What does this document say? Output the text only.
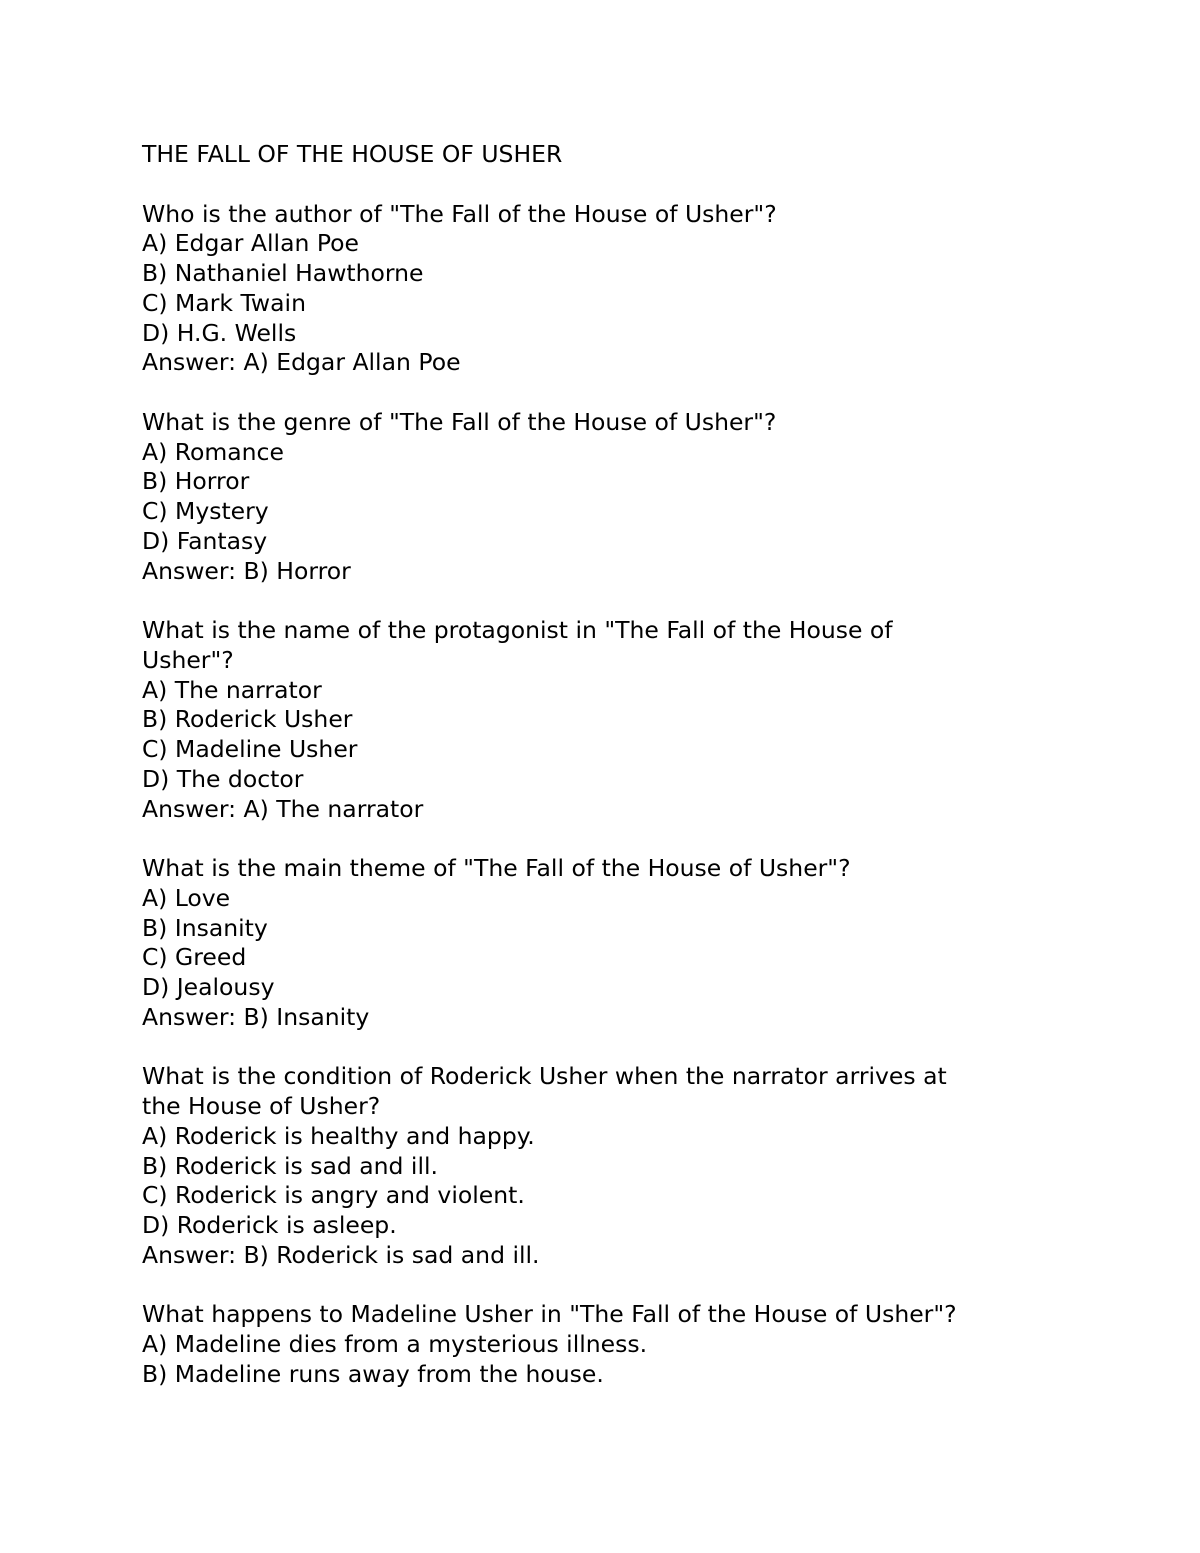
THE FALL OF THE HOUSE OF USHER
Who is the author of "The Fall of the House of Usher"?
A) Edgar Allan Poe
B) Nathaniel Hawthorne
C) Mark Twain
D) H.G. Wells
Answer: A) Edgar Allan Poe
What is the genre of "The Fall of the House of Usher"?
A) Romance
B) Horror
C) Mystery
D) Fantasy
Answer: B) Horror
What is the name of the protagonist in "The Fall of the House of
Usher"?
A) The narrator
B) Roderick Usher
C) Madeline Usher
D) The doctor
Answer: A) The narrator
What is the main theme of "The Fall of the House of Usher"?
A) Love
B) Insanity
C) Greed
D) Jealousy
Answer: B) Insanity
What is the condition of Roderick Usher when the narrator arrives at
the House of Usher?
A) Roderick is healthy and happy.
B) Roderick is sad and ill.
C) Roderick is angry and violent.
D) Roderick is asleep.
Answer: B) Roderick is sad and ill.
What happens to Madeline Usher in "The Fall of the House of Usher"?
A) Madeline dies from a mysterious illness.
B) Madeline runs away from the house.
